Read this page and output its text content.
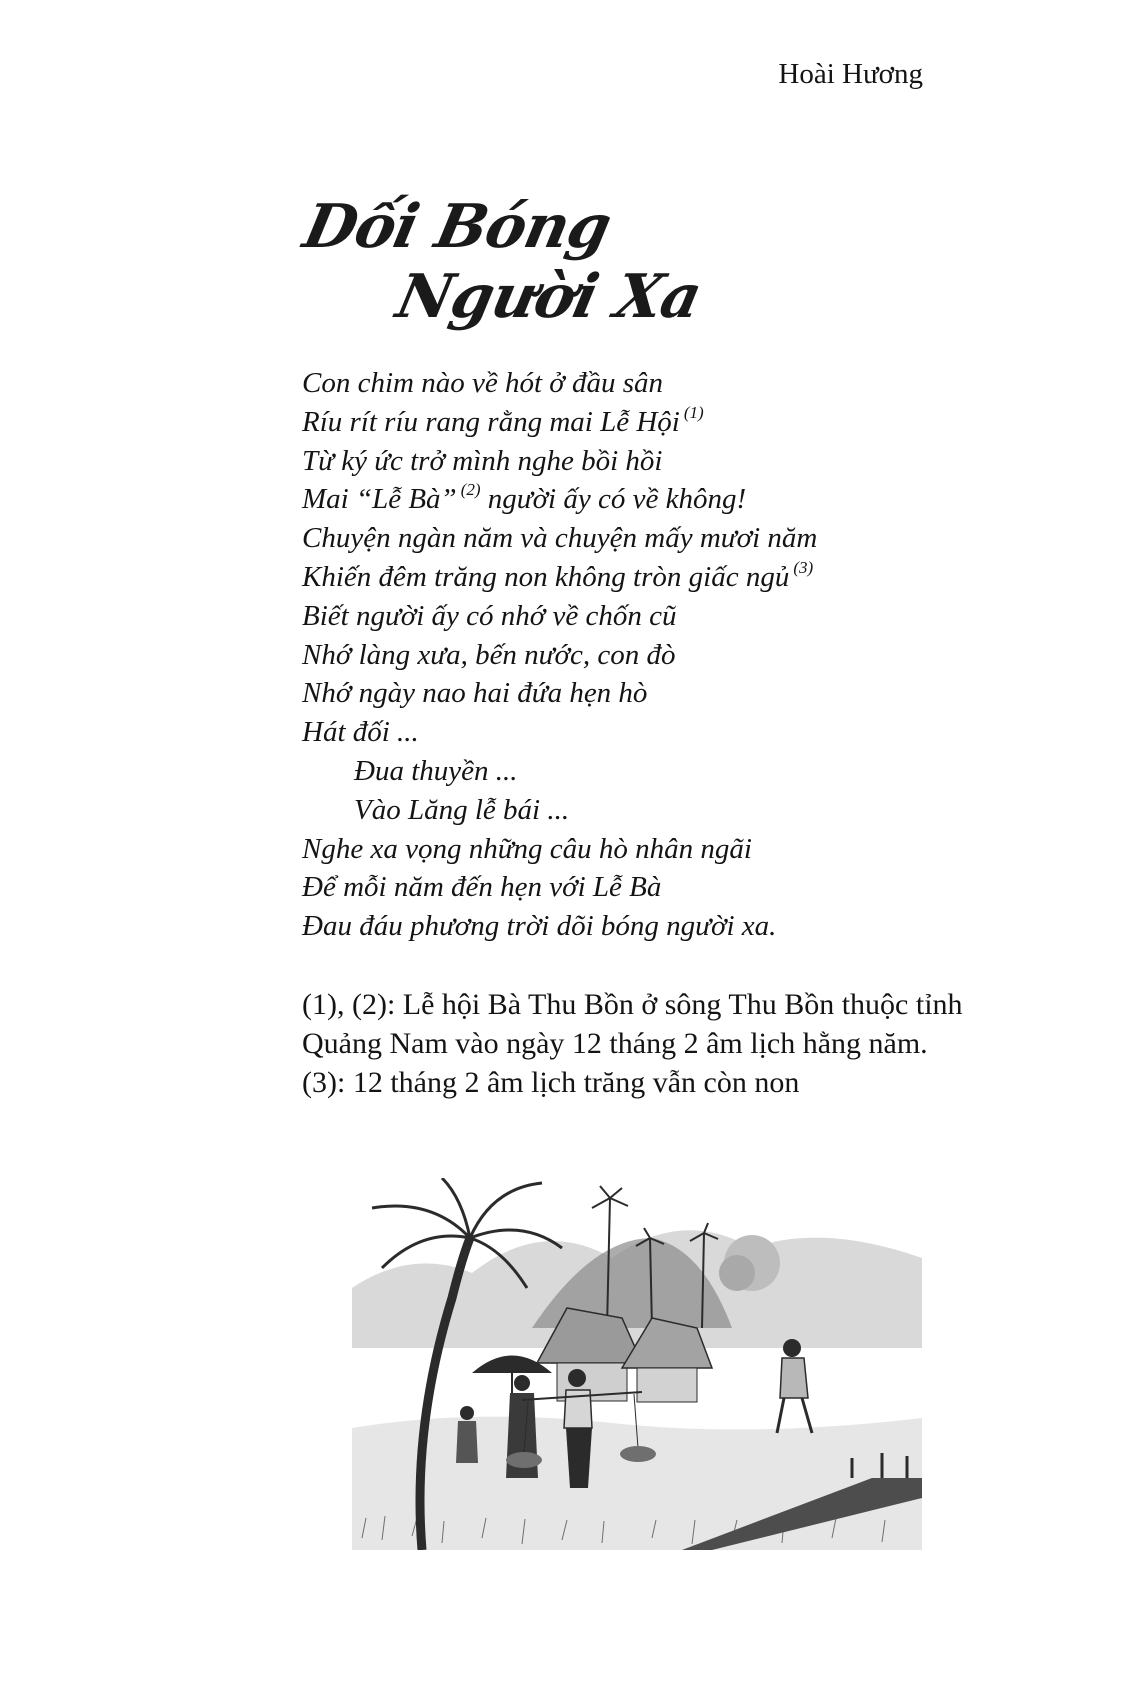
Hoài Hương
Dối Bóng
Người Xa
Con chim nào về hót ở đầu sân
Ríu rít ríu rang rằng mai Lễ Hội $^{(1)}$
Từ ký ức trở mình nghe bồi hồi
Mai “Lễ Bà” $^{(2)}$ người ấy có về không!
Chuyện ngàn năm và chuyện mấy mươi năm
Khiến đêm trăng non không tròn giấc ngủ $^{(3)}$
Biết người ấy có nhớ về chốn cũ
Nhớ làng xưa, bến nước, con đò
Nhớ ngày nao hai đứa hẹn hò
Hát đối ...
Đua thuyền ...
Vào Lăng lễ bái ...
Nghe xa vọng những câu hò nhân ngãi
Để mỗi năm đến hẹn với Lễ Bà
Đau đáu phương trời dõi bóng người xa.

(1), (2): Lễ hội Bà Thu Bồn ở sông Thu Bồn thuộc tỉnh Quảng Nam vào ngày 12 tháng 2 âm lịch hằng năm.

(3): 12 tháng 2 âm lịch trăng vẫn còn non
